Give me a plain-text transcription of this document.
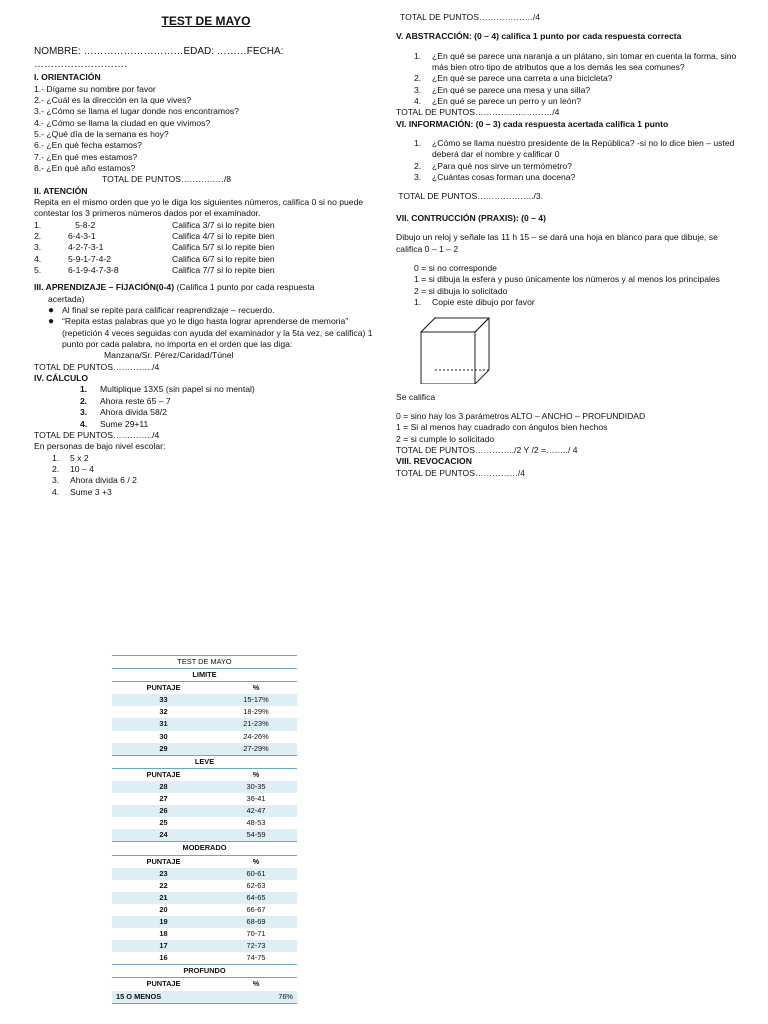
TEST DE MAYO
NOMBRE: …………………………EDAD: ………FECHA: ……………………….
I. ORIENTACIÓN
1.- Dígame su nombre por favor
2.- ¿Cuál es la dirección en la que vives?
3.- ¿Cómo se llama el lugar donde nos encontramos?
4.- ¿Cómo se llama la ciudad en que vivimos?
5.- ¿Qué día de la semana es hoy?
6.- ¿En qué fecha estamos?
7.- ¿En qué mes estamos?
8.- ¿En qué año estamos?
TOTAL DE PUNTOS……………/8
II. ATENCIÓN

Repita en el mismo orden que yo le diga los siguientes números, califica 0 si no puede contestar los 3 primeros números dados por el examinador.

1.	5-8-2	Califica 3/7 si lo repite bien
2.	6-4-3-1	Califica 4/7 si lo repite bien
3.	4-2-7-3-1	Califica 5/7 si lo repite bien
4.	5-9-1-7-4-2	Califica 6/7 si lo repite bien
5.	6-1-9-4-7-3-8	Califica 7/7 si lo repite bien
III. APRENDIZAJE – FIJACIÓN(0-4) (Califica 1 punto por cada respuesta
acertada)
● Al final se repite para calificar reaprendizaje – recuerdo.
● “Repita estas palabras que yo le digo hasta lograr aprenderse de memoria” (repetición 4 veces seguidas con ayuda del examinador y la 5ta vez, se califica) 1 punto por cada palabra, no importa en el orden que las diga:
Manzana/Sr. Pérez/Caridad/Túnel
TOTAL DE PUNTOS…………../4
IV. CÁLCULO
1.	Multiplique 13X5 (sin papel si no mental)
2.	Ahora reste 65 – 7
3.	Ahora divida 58/2
4.	Sume 29+11
TOTAL DE PUNTOS…………../4
En personas de bajo nivel escolar:
1.	5 x 2
2.	10 – 4
3.	Ahora divida 6 / 2
4.	Sume 3 +3
TOTAL DE PUNTOS………………./4
V. ABSTRACCIÓN: (0 – 4) califica 1 punto por cada respuesta correcta
1.	¿En qué se parece una naranja a un plátano, sin tomar en cuenta la forma, sino más bien otro tipo de atributos que a los demás les sea comunes?
2.	¿En qué se parece una carreta a una bicicleta?
3.	¿En qué se parece una mesa y una silla?
4.	¿En qué se parece un perro y un león?
TOTAL DE PUNTOS………………………/4
VI. INFORMACIÓN: (0 – 3) cada respuesta acertada califica 1 punto
1.	¿Cómo se llama nuestro presidente de la República? -si no lo dice bien – usted deberá dar el nombre y calificar 0
2.	¿Para qué nos sirve un termómetro?
3.	¿Cuántas cosas forman una docena?
TOTAL DE PUNTOS………………../3.
VII. CONTRUCCIÓN (PRAXIS): (0 – 4)
Dibujo un reloj y señale las 11 h 15 – se dará una hoja en blanco para que dibuje, se califica 0 – 1 – 2
0 = si no corresponde
1 = si dibuja la esfera y puso únicamente los números y al menos los principales
2 = si dibuja lo solicitado
1.	Copie este dibujo por favor
Se califica
0 = sino hay los 3 parámetros ALTO – ANCHO – PROFUNDIDAD
1 = Si al menos hay cuadrado con ángulos bien hechos
2 = si cumple lo solicitado
TOTAL DE PUNTOS…………../2 Y /2 =……../ 4
VIII. REVOCACION
TOTAL DE PUNTOS……………/4
TEST DE MAYO	
LIMITE	
PUNTAJE	%
33	15-17%
32	18-29%
31	21-23%
30	24-26%
29	27-29%
LEVE	
PUNTAJE	%
28	30-35
27	36-41
26	42-47
25	48-53
24	54-59
MODERADO	
PUNTAJE	%
23	60-61
22	62-63
21	64-65
20	66-67
19	68-69
18	70-71
17	72-73
16	74-75
PROFUNDO	
PUNTAJE	%
15 O MENOS	76%
